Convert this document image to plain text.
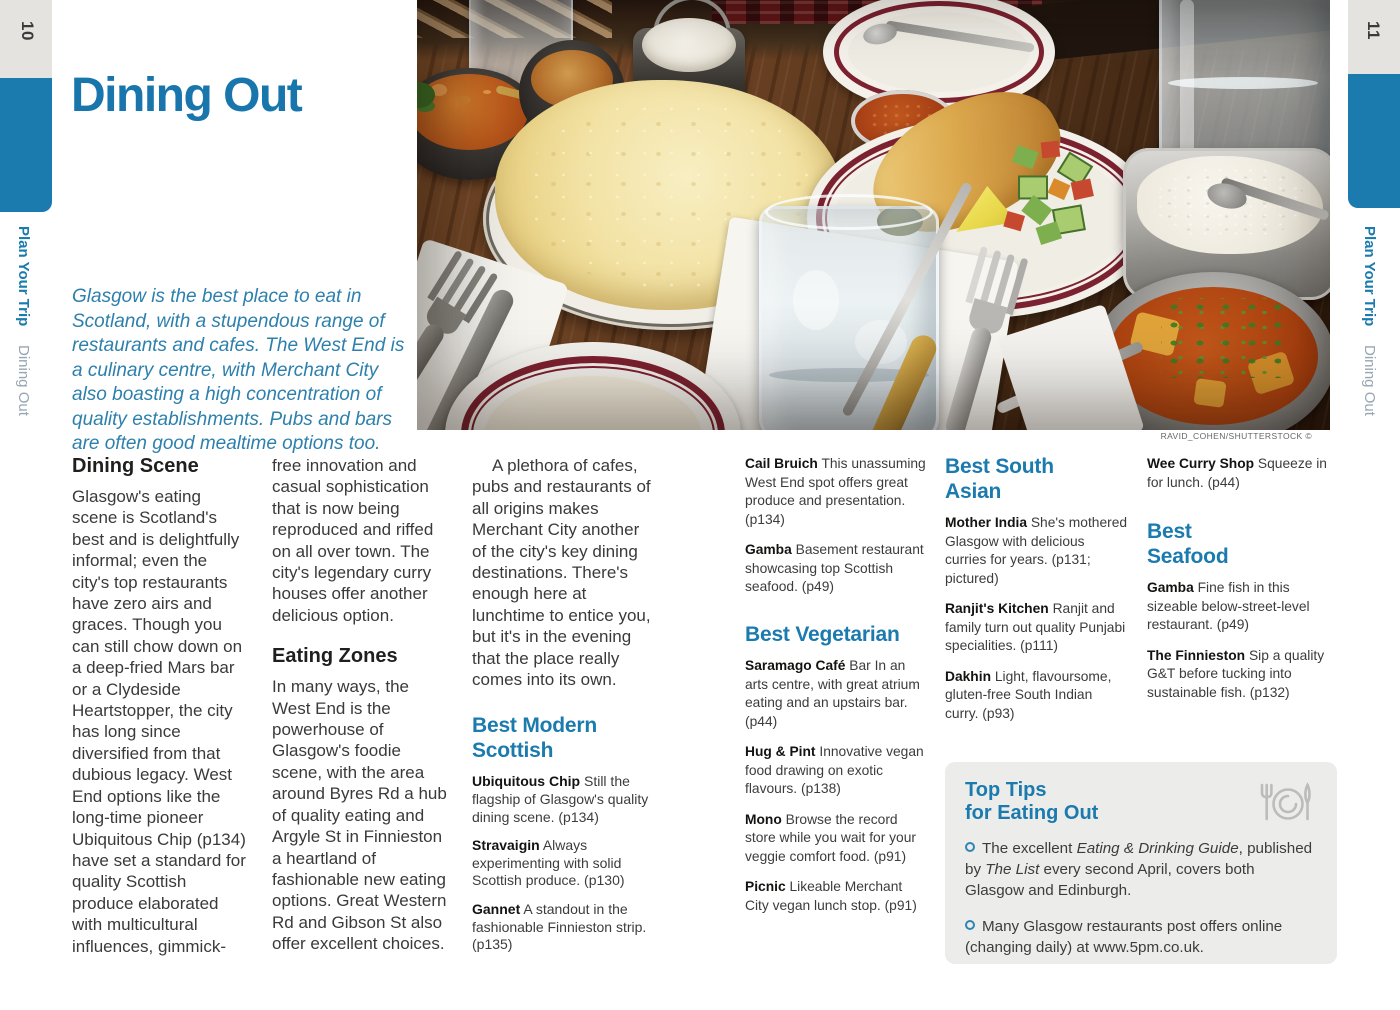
10
Plan Your Trip
Dining Out
11
Plan Your Trip
Dining Out
Dining Out

Glasgow is the best place to eat in Scotland, with a stupendous range of restaurants and cafes. The West End is a culinary centre, with Merchant City also boasting a high concentration of quality establishments. Pubs and bars are often good mealtime options too.	RAVID_COHEN/SHUTTERSTOCK ©
Dining Scene

Glasgow's eating scene is Scotland's best and is delightfully informal; even the city's top restaurants have zero airs and graces. Though you can still chow down on a deep-fried Mars bar or a Clydeside Heartstopper, the city has long since diversified from that dubious legacy. West End options like the long-time pioneer Ubiquitous Chip (p134) have set a standard for quality Scottish produce elaborated with multicultural influences, gimmick-

free innovation and casual sophistication that is now being reproduced and riffed on all over town. The city's legendary curry houses offer another delicious option.

Eating Zones

In many ways, the West End is the powerhouse of Glasgow's foodie scene, with the area around Byres Rd a hub of quality eating and Argyle St in Finnieston a heartland of fashionable new eating options. Great Western Rd and Gibson St also offer excellent choices.

A plethora of cafes, pubs and restaurants of all origins makes Merchant City another of the city's key dining destinations. There's enough here at lunchtime to entice you, but it's in the evening that the place really comes into its own.

Best Modern
Scottish

Ubiquitous Chip Still the flagship of Glasgow's quality dining scene. (p134)

Stravaigin Always experimenting with solid Scottish produce. (p130)

Gannet A standout in the fashionable Finnieston strip. (p135)

Cail Bruich This unassuming West End spot offers great produce and presentation. (p134)

Gamba Basement restaurant showcasing top Scottish seafood. (p49)

Best Vegetarian

Saramago Café Bar In an arts centre, with great atrium eating and an upstairs bar. (p44)

Hug & Pint Innovative vegan food drawing on exotic flavours. (p138)

Mono Browse the record store while you wait for your veggie comfort food. (p91)

Picnic Likeable Merchant City vegan lunch stop. (p91)

Best South
Asian

Mother India She's mothered Glasgow with delicious curries for years. (p131; pictured)

Ranjit's Kitchen Ranjit and family turn out quality Punjabi specialities. (p111)

Dakhin Light, flavoursome, gluten-free South Indian curry. (p93)

Wee Curry Shop Squeeze in for lunch. (p44)

Best
Seafood

Gamba Fine fish in this sizeable below-street-level restaurant. (p49)

The Finnieston Sip a quality G&T before tucking into sustainable fish. (p132)

Top Tips
for Eating Out

The excellent Eating & Drinking Guide, published by The List every second April, covers both Glasgow and Edinburgh.

Many Glasgow restaurants post offers online (changing daily) at www.5pm.co.uk.
